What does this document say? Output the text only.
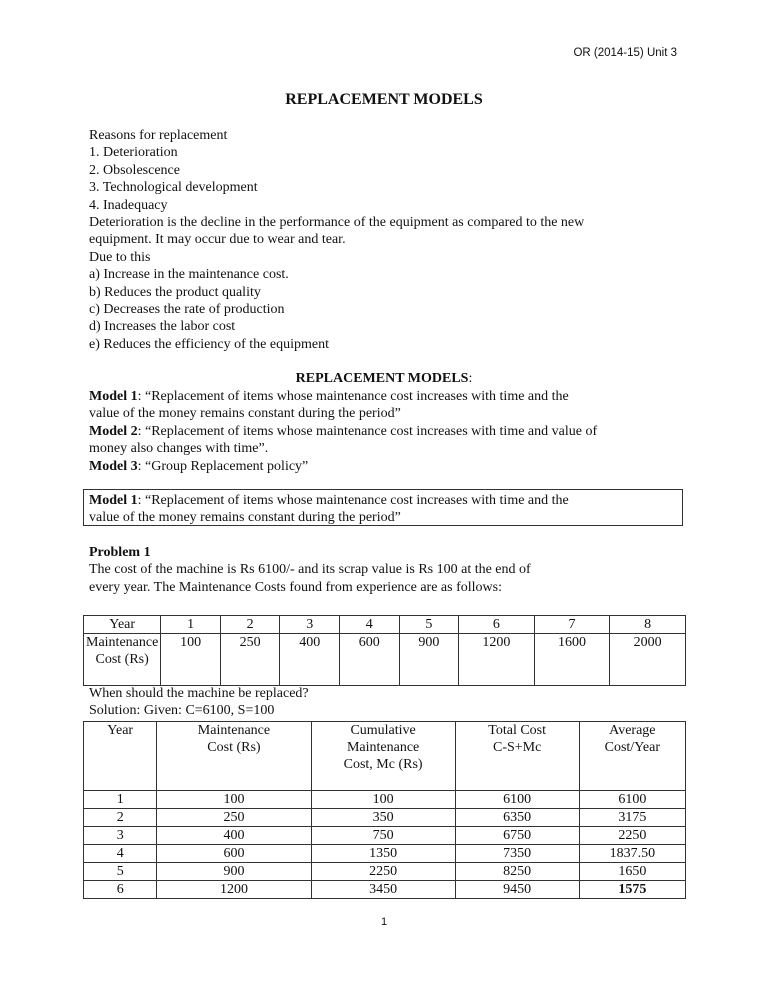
OR (2014-15) Unit 3
REPLACEMENT MODELS
Reasons for replacement
1. Deterioration
2. Obsolescence
3. Technological development
4. Inadequacy
Deterioration is the decline in the performance of the equipment as compared to the new
equipment. It may occur due to wear and tear.
Due to this
a) Increase in the maintenance cost.
b) Reduces the product quality
c) Decreases the rate of production
d) Increases the labor cost
e) Reduces the efficiency of the equipment
REPLACEMENT MODELS:
Model 1: “Replacement of items whose maintenance cost increases with time and the
value of the money remains constant during the period”
Model 2: “Replacement of items whose maintenance cost increases with time and value of
money also changes with time”.
Model 3: “Group Replacement policy”
Model 1: “Replacement of items whose maintenance cost increases with time and the
value of the money remains constant during the period”
Problem 1
The cost of the machine is Rs 6100/- and its scrap value is Rs 100 at the end of
every year. The Maintenance Costs found from experience are as follows:
Year	1	2	3	4	5	6	7	8
Maintenance Cost (Rs)	100	250	400	600	900	1200	1600	2000
When should the machine be replaced?
Solution: Given: C=6100, S=100
Year	Maintenance Cost (Rs)	Cumulative Maintenance Cost, Mc (Rs)	Total Cost C-S+Mc	Average Cost/Year
1	100	100	6100	6100
2	250	350	6350	3175
3	400	750	6750	2250
4	600	1350	7350	1837.50
5	900	2250	8250	1650
6	1200	3450	9450	1575
1
